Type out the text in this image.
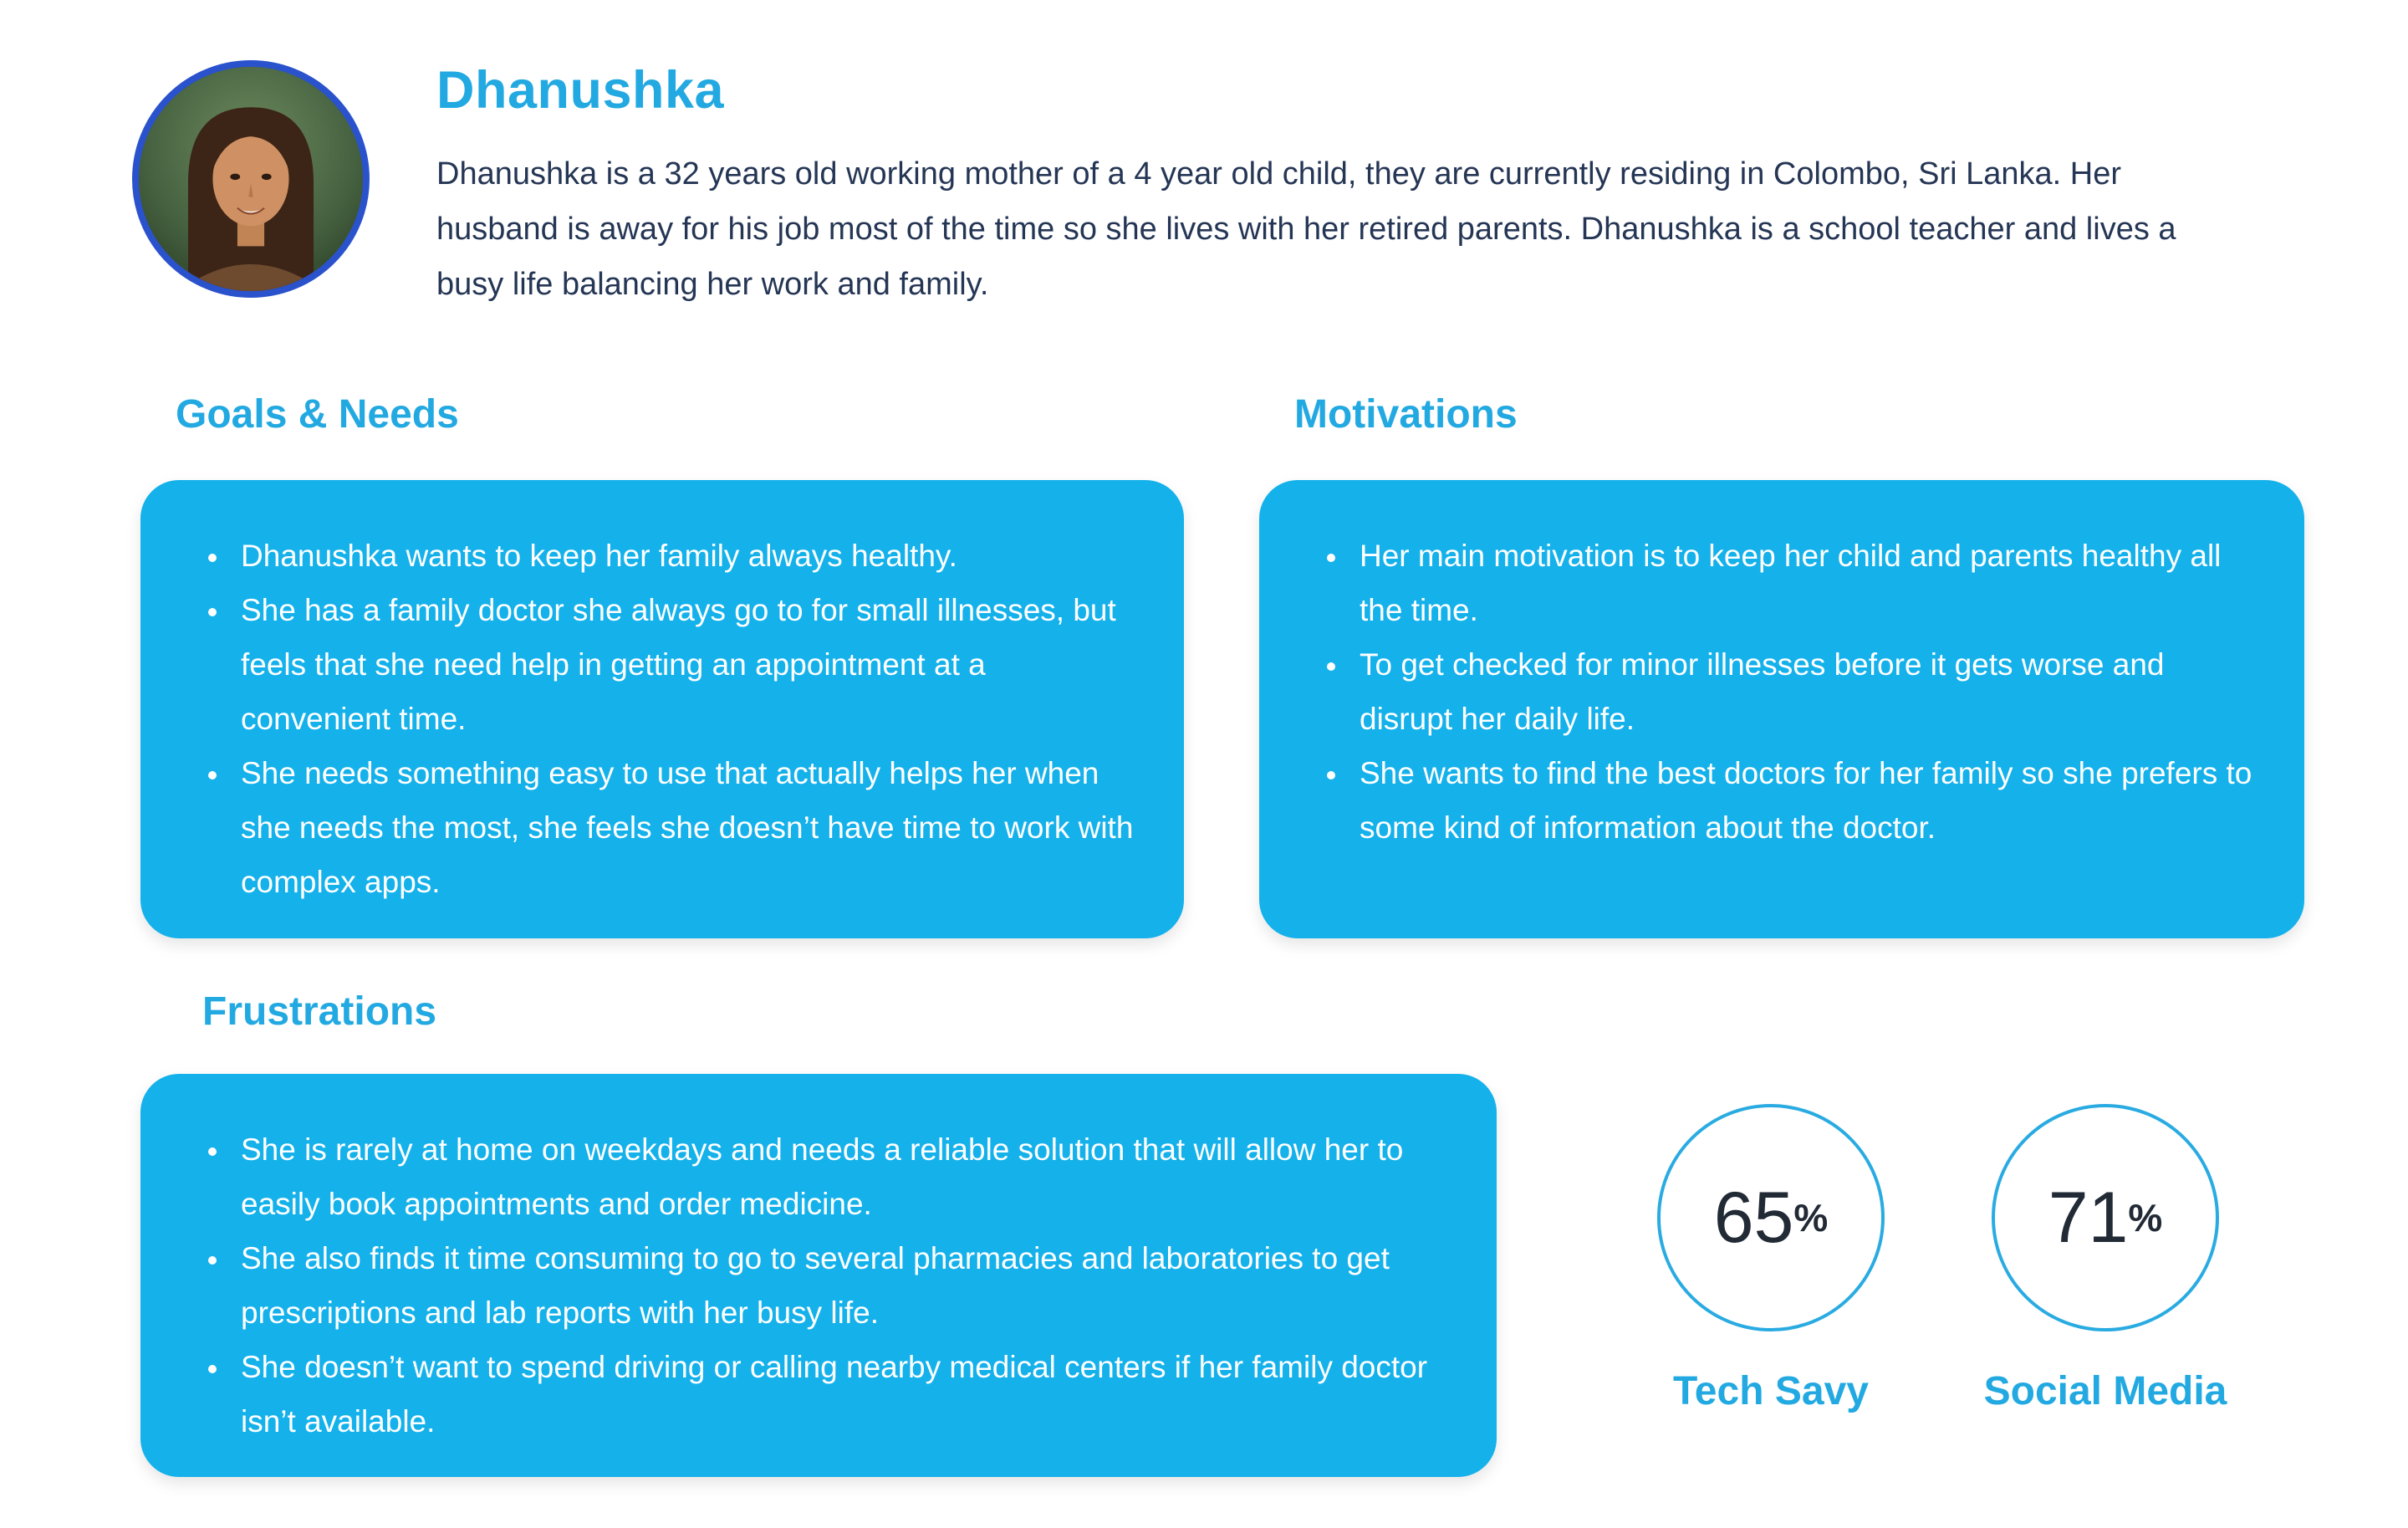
Dhanushka
Dhanushka is a 32 years old working mother of a 4 year old child, they are currently residing in Colombo, Sri Lanka. Her husband is away for his job most of the time so she lives with her retired parents. Dhanushka is a school teacher and lives a busy life balancing her work and family.
Goals & Needs	Motivations
Frustrations
• Dhanushka wants to keep her family always healthy.
• She has a family doctor she always go to for small illnesses, but feels that she need help in getting an appointment at a convenient time.
• She needs something easy to use that actually helps her when she needs the most, she feels she doesn’t have time to work with complex apps.
• Her main motivation is to keep her child and parents healthy all the time.
• To get checked for minor illnesses before it gets worse and disrupt her daily life.
• She wants to find the best doctors for her family so she prefers to some kind of information about the doctor.
• She is rarely at home on weekdays and needs a reliable solution that will allow her to easily book appointments and order medicine.
• She also finds it time consuming to go to several pharmacies and laboratories to get prescriptions and lab reports with her busy life.
• She doesn’t want to spend driving or calling nearby medical centers if her family doctor isn’t available.
65 %
Tech Savy
71 %
Social Media
